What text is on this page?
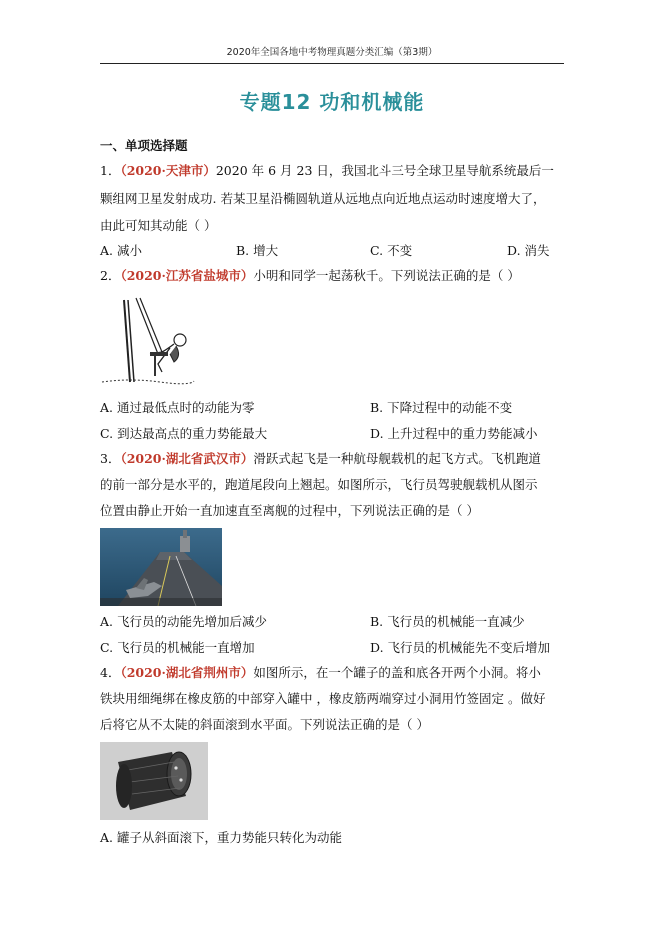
2020年全国各地中考物理真题分类汇编（第3期）
专题12 功和机械能
一、单项选择题
1．（2020·天津市）2020 年 6 月 23 日，我国北斗三号全球卫星导航系统最后一
颗组网卫星发射成功. 若某卫星沿椭圆轨道从远地点向近地点运动时速度增大了，
由此可知其动能（ ）
A. 减小	B. 增大	C. 不变	D. 消失
2．（2020·江苏省盐城市）小明和同学一起荡秋千。下列说法正确的是（ ）
A. 通过最低点时的动能为零	B. 下降过程中的动能不变
C. 到达最高点的重力势能最大	D. 上升过程中的重力势能减小
3．（2020·湖北省武汉市）滑跃式起飞是一种航母舰载机的起飞方式。飞机跑道
的前一部分是水平的，跑道尾段向上翘起。如图所示，飞行员驾驶舰载机从图示
位置由静止开始一直加速直至离舰的过程中，下列说法正确的是（ ）
A. 飞行员的动能先增加后减少	B. 飞行员的机械能一直减少
C. 飞行员的机械能一直增加	D. 飞行员的机械能先不变后增加
4．（2020·湖北省荆州市）如图所示，在一个罐子的盖和底各开两个小洞。将小
铁块用细绳绑在橡皮筋的中部穿入罐中 ，橡皮筋两端穿过小洞用竹签固定 。做好
后将它从不太陡的斜面滚到水平面。下列说法正确的是（ ）
A. 罐子从斜面滚下，重力势能只转化为动能
